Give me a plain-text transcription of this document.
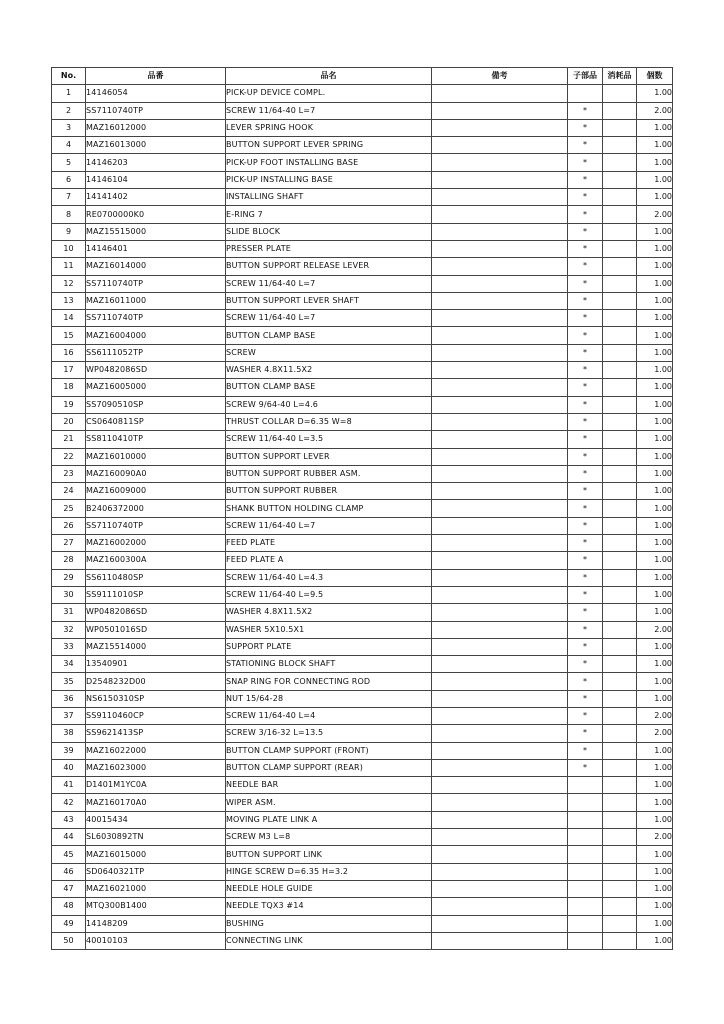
No.	品番	品名	備考	子部品	消耗品	個数
1	14146054	PICK-UP DEVICE COMPL.				1.00
2	SS7110740TP	SCREW 11/64-40 L=7		*		2.00
3	MAZ16012000	LEVER SPRING HOOK		*		1.00
4	MAZ16013000	BUTTON SUPPORT LEVER SPRING		*		1.00
5	14146203	PICK-UP FOOT INSTALLING BASE		*		1.00
6	14146104	PICK-UP INSTALLING BASE		*		1.00
7	14141402	INSTALLING SHAFT		*		1.00
8	RE0700000K0	E-RING 7		*		2.00
9	MAZ15515000	SLIDE BLOCK		*		1.00
10	14146401	PRESSER PLATE		*		1.00
11	MAZ16014000	BUTTON SUPPORT RELEASE LEVER		*		1.00
12	SS7110740TP	SCREW 11/64-40 L=7		*		1.00
13	MAZ16011000	BUTTON SUPPORT LEVER SHAFT		*		1.00
14	SS7110740TP	SCREW 11/64-40 L=7		*		1.00
15	MAZ16004000	BUTTON CLAMP BASE		*		1.00
16	SS6111052TP	SCREW		*		1.00
17	WP0482086SD	WASHER 4.8X11.5X2		*		1.00
18	MAZ16005000	BUTTON CLAMP BASE		*		1.00
19	SS7090510SP	SCREW 9/64-40 L=4.6		*		1.00
20	CS0640811SP	THRUST COLLAR D=6.35 W=8		*		1.00
21	SS8110410TP	SCREW 11/64-40 L=3.5		*		1.00
22	MAZ16010000	BUTTON SUPPORT LEVER		*		1.00
23	MAZ160090A0	BUTTON SUPPORT RUBBER ASM.		*		1.00
24	MAZ16009000	BUTTON SUPPORT RUBBER		*		1.00
25	B2406372000	SHANK BUTTON HOLDING CLAMP		*		1.00
26	SS7110740TP	SCREW 11/64-40 L=7		*		1.00
27	MAZ16002000	FEED PLATE		*		1.00
28	MAZ1600300A	FEED PLATE A		*		1.00
29	SS6110480SP	SCREW 11/64-40 L=4.3		*		1.00
30	SS9111010SP	SCREW 11/64-40 L=9.5		*		1.00
31	WP0482086SD	WASHER 4.8X11.5X2		*		1.00
32	WP0501016SD	WASHER 5X10.5X1		*		2.00
33	MAZ15514000	SUPPORT PLATE		*		1.00
34	13540901	STATIONING BLOCK SHAFT		*		1.00
35	D2548232D00	SNAP RING FOR CONNECTING ROD		*		1.00
36	NS6150310SP	NUT 15/64-28		*		1.00
37	SS9110460CP	SCREW 11/64-40 L=4		*		2.00
38	SS9621413SP	SCREW 3/16-32 L=13.5		*		2.00
39	MAZ16022000	BUTTON CLAMP SUPPORT (FRONT)		*		1.00
40	MAZ16023000	BUTTON CLAMP SUPPORT (REAR)		*		1.00
41	D1401M1YC0A	NEEDLE BAR				1.00
42	MAZ160170A0	WIPER ASM.				1.00
43	40015434	MOVING PLATE LINK A				1.00
44	SL6030892TN	SCREW M3 L=8				2.00
45	MAZ16015000	BUTTON SUPPORT LINK				1.00
46	SD0640321TP	HINGE SCREW D=6.35 H=3.2				1.00
47	MAZ16021000	NEEDLE HOLE GUIDE				1.00
48	MTQ300B1400	NEEDLE TQX3 #14				1.00
49	14148209	BUSHING				1.00
50	40010103	CONNECTING LINK				1.00
